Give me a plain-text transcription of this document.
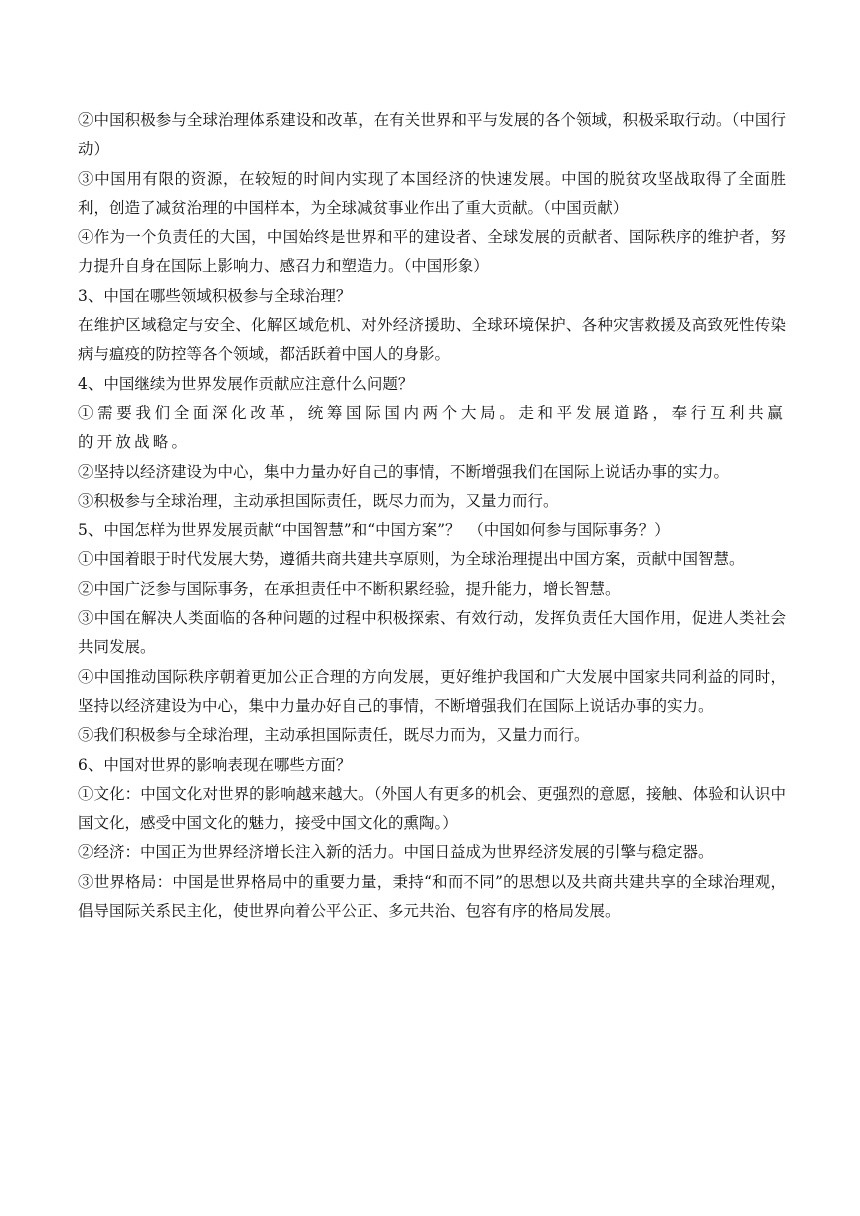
②中国积极参与全球治理体系建设和改革，在有关世界和平与发展的各个领域，积极采取行动。（中国行动）

③中国用有限的资源，在较短的时间内实现了本国经济的快速发展。中国的脱贫攻坚战取得了全面胜利，创造了减贫治理的中国样本，为全球减贫事业作出了重大贡献。（中国贡献）

④作为一个负责任的大国，中国始终是世界和平的建设者、全球发展的贡献者、国际秩序的维护者，努力提升自身在国际上影响力、感召力和塑造力。（中国形象）

3、中国在哪些领域积极参与全球治理？

在维护区域稳定与安全、化解区域危机、对外经济援助、全球环境保护、各种灾害救援及高致死性传染病与瘟疫的防控等各个领域，都活跃着中国人的身影。

4、中国继续为世界发展作贡献应注意什么问题？

①需要我们全面深化改革，统筹国际国内两个大局。走和平发展道路，奉行互利共赢的开放战略。

②坚持以经济建设为中心，集中力量办好自己的事情，不断增强我们在国际上说话办事的实力。

③积极参与全球治理，主动承担国际责任，既尽力而为，又量力而行。

5、中国怎样为世界发展贡献“中国智慧”和“中国方案”？　（中国如何参与国际事务？）

①中国着眼于时代发展大势，遵循共商共建共享原则，为全球治理提出中国方案，贡献中国智慧。

②中国广泛参与国际事务，在承担责任中不断积累经验，提升能力，增长智慧。

③中国在解决人类面临的各种问题的过程中积极探索、有效行动，发挥负责任大国作用，促进人类社会共同发展。

④中国推动国际秩序朝着更加公正合理的方向发展，更好维护我国和广大发展中国家共同利益的同时，坚持以经济建设为中心，集中力量办好自己的事情，不断增强我们在国际上说话办事的实力。

⑤我们积极参与全球治理，主动承担国际责任，既尽力而为，又量力而行。

6、中国对世界的影响表现在哪些方面？

①文化：中国文化对世界的影响越来越大。（外国人有更多的机会、更强烈的意愿，接触、体验和认识中国文化，感受中国文化的魅力，接受中国文化的熏陶。）

②经济：中国正为世界经济增长注入新的活力。中国日益成为世界经济发展的引擎与稳定器。

③世界格局：中国是世界格局中的重要力量，秉持“和而不同”的思想以及共商共建共享的全球治理观，倡导国际关系民主化，使世界向着公平公正、多元共治、包容有序的格局发展。
